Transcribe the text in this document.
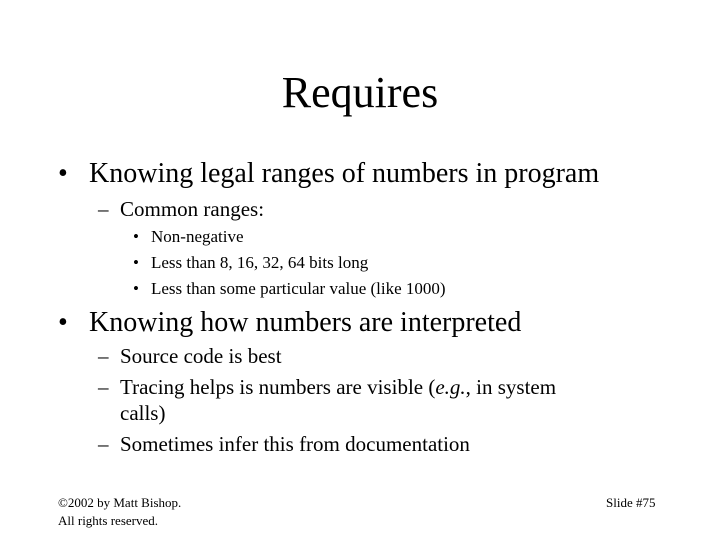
Requires
• Knowing legal ranges of numbers in program
– Common ranges:
• Non-negative
• Less than 8, 16, 32, 64 bits long
• Less than some particular value (like 1000)
• Knowing how numbers are interpreted
– Source code is best
– Tracing helps is numbers are visible (e.g., in system
calls)
– Sometimes infer this from documentation
©2002 by Matt Bishop.
All rights reserved.
Slide #75
